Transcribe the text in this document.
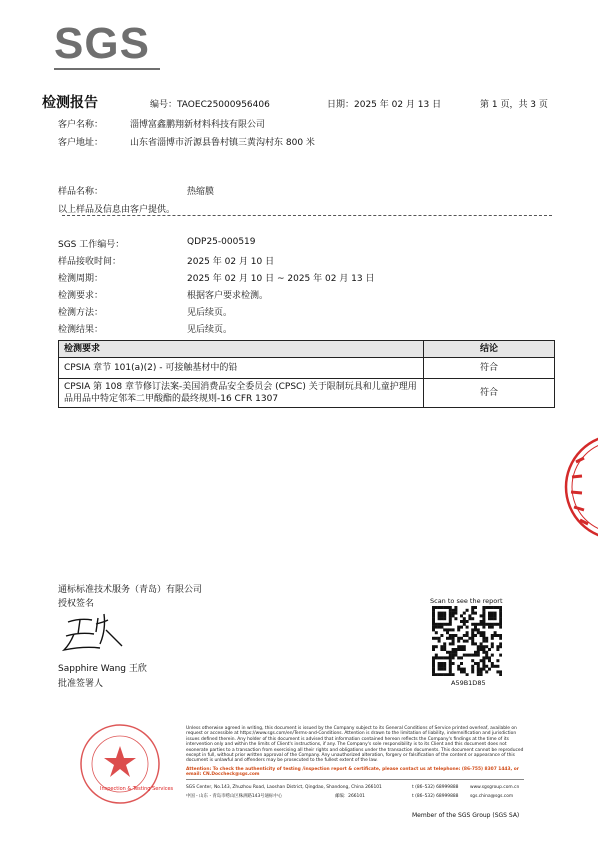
SGS
检测报告	编号：TAOEC25000956406	日期：2025 年 02 月 13 日	第 1 页，共 3 页
客户名称：	淄博富鑫鹏翔新材料科技有限公司
客户地址：	山东省淄博市沂源县鲁村镇三黄沟村东 800 米
样品名称：	热缩膜
以上样品及信息由客户提供。
SGS 工作编号：	QDP25-000519
样品接收时间：	2025 年 02 月 10 日
检测周期：	2025 年 02 月 10 日 ~ 2025 年 02 月 13 日
检测要求：	根据客户要求检测。
检测方法：	见后续页。
检测结果：	见后续页。
检测要求	结论
CPSIA 章节 101(a)(2) - 可接触基材中的铅	符合
CPSIA 第 108 章节修订法案-美国消费品安全委员会 (CPSC) 关于限制玩具和儿童护理用品用品中特定邻苯二甲酸酯的最终规则-16 CFR 1307	符合
通标标准技术服务（青岛）有限公司
授权签名
Sapphire Wang 王欣
批准签署人
Scan to see the report
A59B1D85
Inspection & Testing Services
Unless otherwise agreed in writing, this document is issued by the Company subject to its General Conditions of Service printed overleaf, available on request or accessible at https://www.sgs.com/en/Terms-and-Conditions. Attention is drawn to the limitation of liability, indemnification and jurisdiction issues defined therein. Any holder of this document is advised that information contained hereon reflects the Company's findings at the time of its intervention only and within the limits of Client's instructions, if any. The Company's sole responsibility is to its Client and this document does not exonerate parties to a transaction from exercising all their rights and obligations under the transaction documents. This document cannot be reproduced except in full, without prior written approval of the Company. Any unauthorized alteration, forgery or falsification of the content or appearance of this document is unlawful and offenders may be prosecuted to the fullest extent of the law.
Attention: To check the authenticity of testing /inspection report & certificate, please contact us at telephone: (86-755) 8307 1443, or email: CN.Doccheck@sgs.com
SGS Center, No.143, Zhuzhou Road, Laoshan District, Qingdao, Shandong, China 266101	t (86–532) 68999888	www.sgsgroup.com.cn
中国・山东・青岛市崂山区株洲路143号通标中心	邮编：266101	t (86–532) 68999888	sgs.china@sgs.com
Member of the SGS Group (SGS SA)
